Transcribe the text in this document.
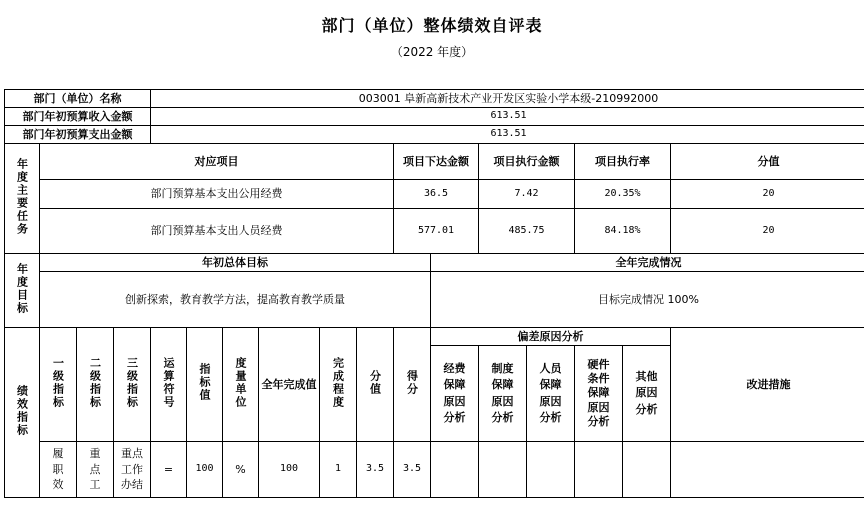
部门（单位）整体绩效自评表
（2022 年度）
部门（单位）名称				003001 阜新高新技术产业开发区实验小学本级-210992000												
部门年初预算收入金额				613.51												
部门年初预算支出金额				613.51												
年度主要任务	对应项目									项目下达金额		项目执行金额		项目执行率		分值
	部门预算基本支出公用经费									36.5		7.42		20.35%		20
	部门预算基本支出人员经费									577.01		485.75		84.18%		20
年度目标	年初总体目标										全年完成情况					
	创新探索，教育教学方法，提高教育教学质量										目标完成情况 100%					
绩效指标	一级指标	二级指标	三级指标	运算符号	指标值	度量单位	全年完成值	完成程度	分值	得分	偏差原因分析					改进措施
											经费保障原因分析	制度保障原因分析	人员保障原因分析	硬件条件保障原因分析	其他原因分析	
	履职效	重点工	重点工作办结	=	100	%	100	1	3.5	3.5						
